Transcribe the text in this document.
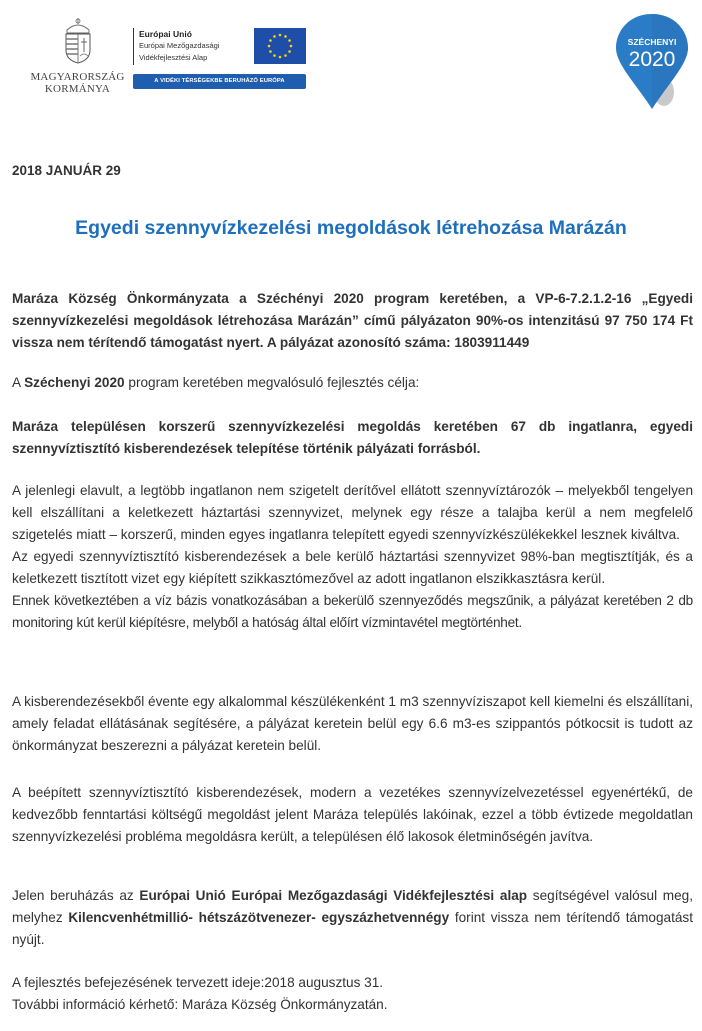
MAGYARORSZÁG
KORMÁNYA
Európai Unió
Európai Mezőgazdasági
Vidékfejlesztési Alap
A VIDÉKI TÉRSÉGEKBE BERUHÁZÓ EURÓPA
SZÉCHENYI
2020
2018 JANUÁR 29
Egyedi szennyvízkezelési megoldások létrehozása Marázán

Maráza Község Önkormányzata a Széchényi 2020 program keretében, a VP-6-7.2.1.2-16 „Egyedi szennyvízkezelési megoldások létrehozása Marázán” című pályázaton 90%-os intenzitású 97 750 174 Ft vissza nem térítendő támogatást nyert. A pályázat azonosító száma: 1803911449

A Széchenyi 2020 program keretében megvalósuló fejlesztés célja:

Maráza településen korszerű szennyvízkezelési megoldás keretében 67 db ingatlanra, egyedi szennyvíztisztító kisberendezések telepítése történik pályázati forrásból.

A jelenlegi elavult, a legtöbb ingatlanon nem szigetelt derítővel ellátott szennyvíztározók – melyekből tengelyen kell elszállítani a keletkezett háztartási szennyvizet, melynek egy része a talajba kerül a nem megfelelő szigetelés miatt – korszerű, minden egyes ingatlanra telepített egyedi szennyvízkészülékekkel lesznek kiváltva.

Az egyedi szennyvíztisztító kisberendezések a bele kerülő háztartási szennyvizet 98%-ban megtisztítják, és a keletkezett tisztított vizet egy kiépített szikkasztómezővel az adott ingatlanon elszikkasztásra kerül.

Ennek következtében a víz bázis vonatkozásában a bekerülő szennyeződés megszűnik, a pályázat keretében 2 db monitoring kút kerül kiépítésre, melyből a hatóság által előírt vízmintavétel megtörténhet.

A kisberendezésekből évente egy alkalommal készülékenként 1 m3 szennyvíziszapot kell kiemelni és elszállítani, amely feladat ellátásának segítésére, a pályázat keretein belül egy 6.6 m3-es szippantós pótkocsit is tudott az önkormányzat beszerezni a pályázat keretein belül.

A beépített szennyvíztisztító kisberendezések, modern a vezetékes szennyvízelvezetéssel egyenértékű, de kedvezőbb fenntartási költségű megoldást jelent Maráza település lakóinak, ezzel a több évtizede megoldatlan szennyvízkezelési probléma megoldásra került, a településen élő lakosok életminőségén javítva.

Jelen beruházás az Európai Unió Európai Mezőgazdasági Vidékfejlesztési alap segítségével valósul meg, melyhez Kilencvenhétmillió- hétszázötvenezer- egyszázhetvennégy forint vissza nem térítendő támogatást nyújt.

A fejlesztés befejezésének tervezett ideje:2018 augusztus 31.

További információ kérhető: Maráza Község Önkormányzatán.
